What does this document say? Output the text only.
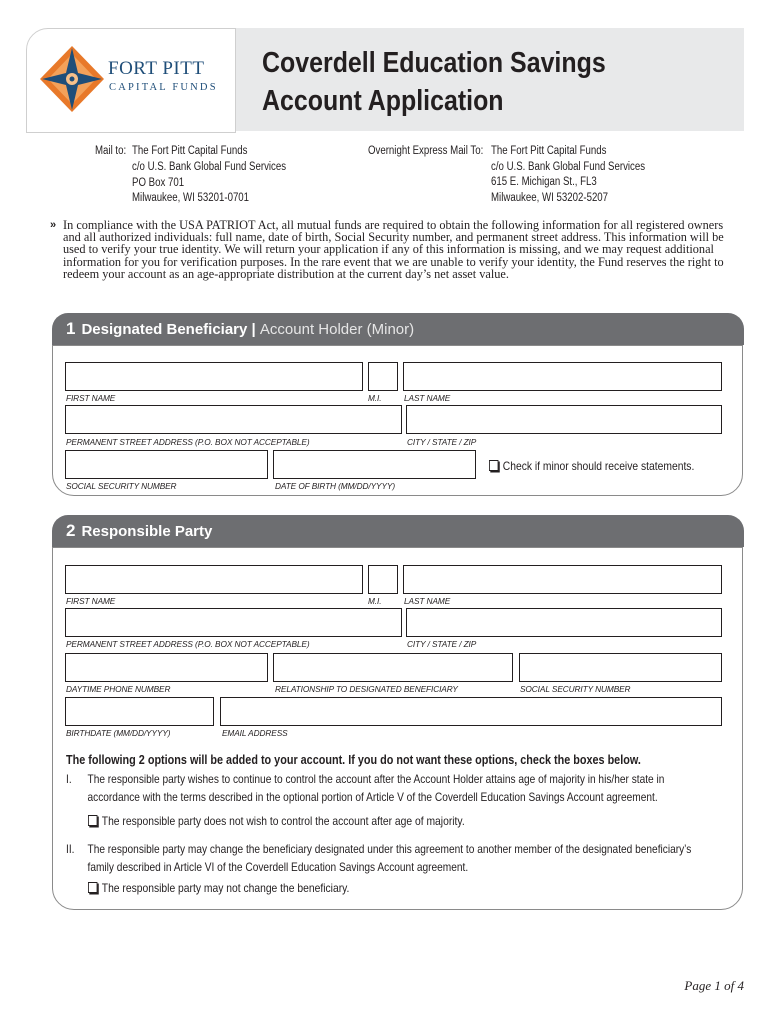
FORT PITT
CAPITAL FUNDS
Coverdell Education Savings
Account Application
Mail to: The Fort Pitt Capital Funds
c/o U.S. Bank Global Fund Services
PO Box 701
Milwaukee, WI 53201-0701
Overnight Express Mail To: The Fort Pitt Capital Funds
c/o U.S. Bank Global Fund Services
615 E. Michigan St., FL3
Milwaukee, WI 53202-5207
» In compliance with the USA PATRIOT Act, all mutual funds are required to obtain the following information for all registered owners and all authorized individuals: full name, date of birth, Social Security number, and permanent street address. This information will be used to verify your true identity. We will return your application if any of this information is missing, and we may request additional information for you for verification purposes. In the rare event that we are unable to verify your identity, the Fund reserves the right to redeem your account as an age-appropriate distribution at the current day’s net asset value.
1 Designated Beneficiary | Account Holder (Minor)
FIRST NAME	M.I.	LAST NAME
PERMANENT STREET ADDRESS (P.O. BOX NOT ACCEPTABLE)	CITY / STATE / ZIP
SOCIAL SECURITY NUMBER	DATE OF BIRTH (MM/DD/YYYY)
Check if minor should receive statements.
2 Responsible Party
FIRST NAME	M.I.	LAST NAME
PERMANENT STREET ADDRESS (P.O. BOX NOT ACCEPTABLE)	CITY / STATE / ZIP
DAYTIME PHONE NUMBER	RELATIONSHIP TO DESIGNATED BENEFICIARY	SOCIAL SECURITY NUMBER
BIRTHDATE (MM/DD/YYYY)	EMAIL ADDRESS
The following 2 options will be added to your account. If you do not want these options, check the boxes below.
I.	The responsible party wishes to continue to control the account after the Account Holder attains age of majority in his/her state in
accordance with the terms described in the optional portion of Article V of the Coverdell Education Savings Account agreement.
The responsible party does not wish to control the account after age of majority.
II.	The responsible party may change the beneficiary designated under this agreement to another member of the designated beneficiary’s
family described in Article VI of the Coverdell Education Savings Account agreement.
The responsible party may not change the beneficiary.
Page 1 of 4
